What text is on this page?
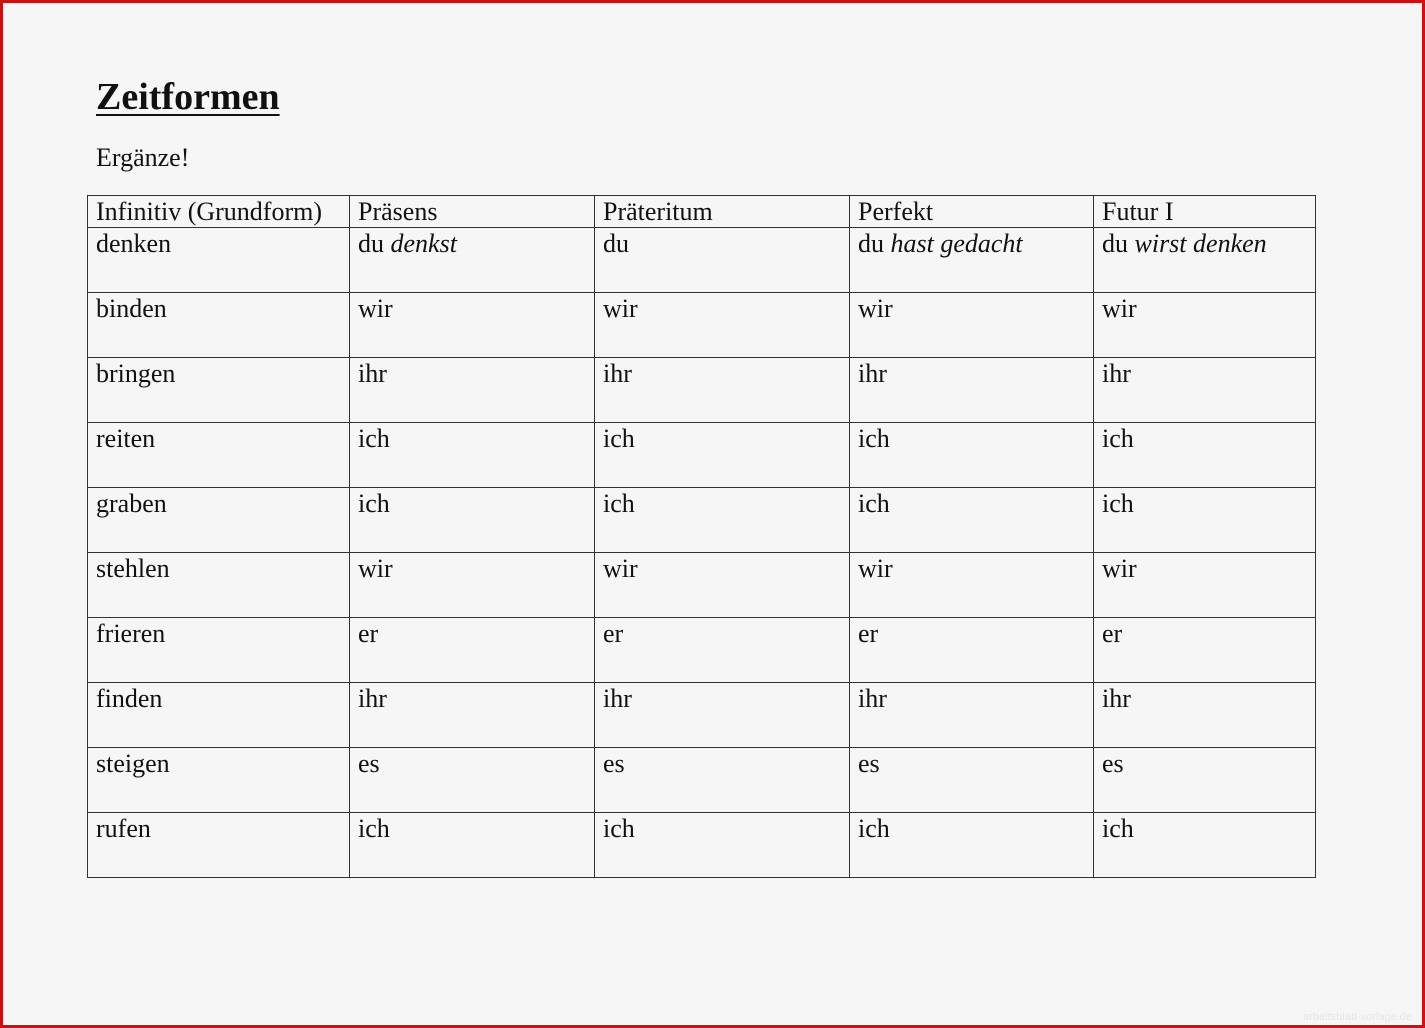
Zeitformen

Ergänze!

Infinitiv (Grundform)	Präsens	Präteritum	Perfekt	Futur I
denken	du denkst	du	du hast gedacht	du wirst denken
binden	wir	wir	wir	wir
bringen	ihr	ihr	ihr	ihr
reiten	ich	ich	ich	ich
graben	ich	ich	ich	ich
stehlen	wir	wir	wir	wir
frieren	er	er	er	er
finden	ihr	ihr	ihr	ihr
steigen	es	es	es	es
rufen	ich	ich	ich	ich
arbeitsblatt-vorlage.de
